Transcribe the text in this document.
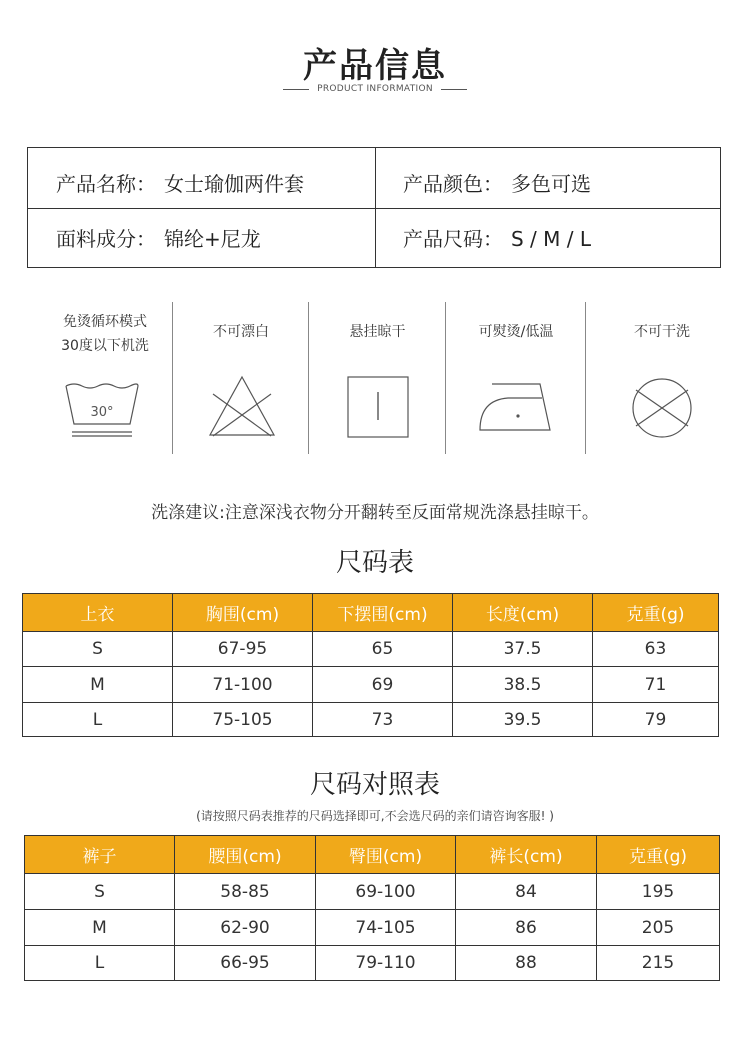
产品信息
PRODUCT INFORMATION
产品名称： 女士瑜伽两件套	产品颜色： 多色可选
面料成分： 锦纶+尼龙	产品尺码： S / M / L
免烫循环模式
30度以下机洗
30°
不可漂白	悬挂晾干	可熨烫/低温	不可干洗
洗涤建议:注意深浅衣物分开翻转至反面常规洗涤悬挂晾干。
尺码表
上衣	胸围(cm)	下摆围(cm)	长度(cm)	克重(g)
S	67-95	65	37.5	63
M	71-100	69	38.5	71
L	75-105	73	39.5	79
尺码对照表
(请按照尺码表推荐的尺码选择即可,不会选尺码的亲们请咨询客服! )
裤子	腰围(cm)	臀围(cm)	裤长(cm)	克重(g)
S	58-85	69-100	84	195
M	62-90	74-105	86	205
L	66-95	79-110	88	215
